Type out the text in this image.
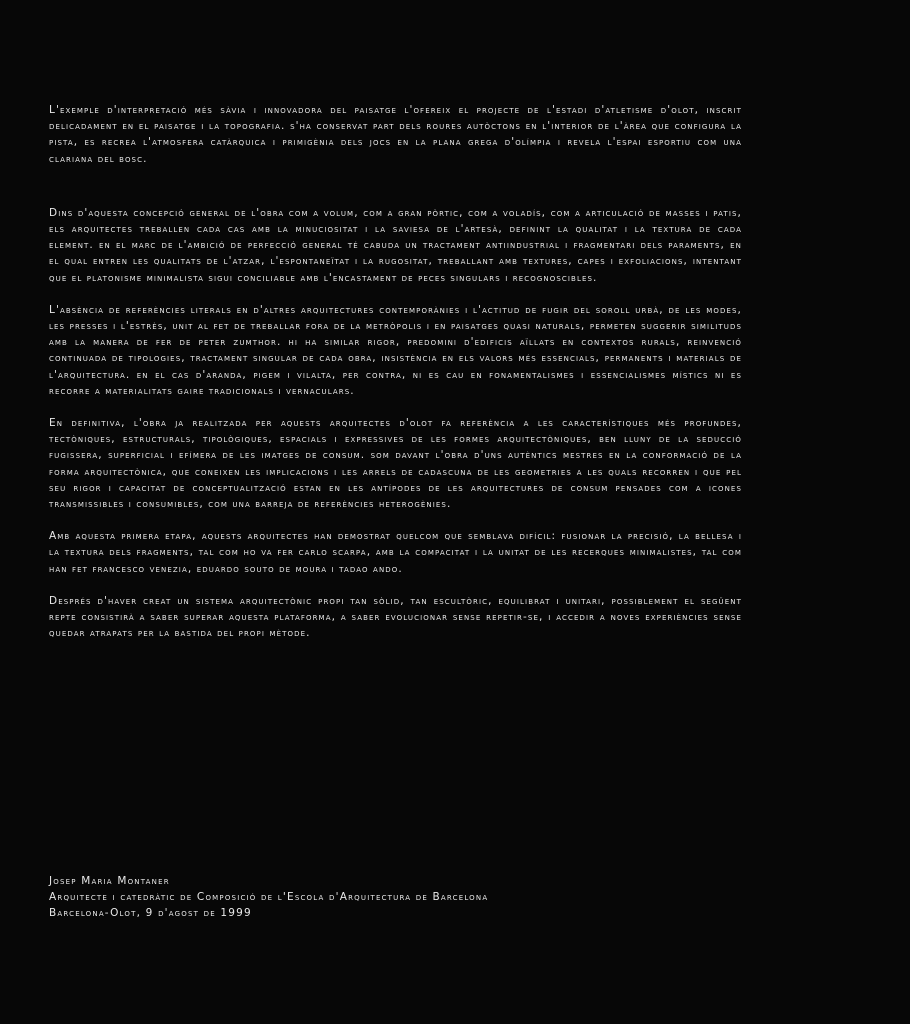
L'exemple d'interpretació més sàvia i innovadora del paisatge l'ofereix el projecte de l'estadi d'atletisme d'olot, inscrit delicadament en el paisatge i la topografia. s'ha conservat part dels roures autòctons en l'interior de l'àrea que configura la pista, es recrea l'atmosfera catàrquica i primigènia dels jocs en la plana grega d'olímpia i revela l'espai esportiu com una clariana del bosc.

Dins d'aquesta concepció general de l'obra com a volum, com a gran pòrtic, com a voladís, com a articulació de masses i patis, els arquitectes treballen cada cas amb la minuciositat i la saviesa de l'artesà, definint la qualitat i la textura de cada element. en el marc de l'ambició de perfecció general té cabuda un tractament antiindustrial i fragmentari dels paraments, en el qual entren les qualitats de l'atzar, l'espontaneïtat i la rugositat, treballant amb textures, capes i exfoliacions, intentant que el platonisme minimalista sigui conciliable amb l'encastament de peces singulars i recognoscibles.

L'absència de referències literals en d'altres arquitectures contemporànies i l'actitud de fugir del soroll urbà, de les modes, les presses i l'estrès, unit al fet de treballar fora de la metròpolis i en paisatges quasi naturals, permeten suggerir similituds amb la manera de fer de peter zumthor. hi ha similar rigor, predomini d'edificis aïllats en contextos rurals, reinvenció continuada de tipologies, tractament singular de cada obra, insistència en els valors més essencials, permanents i materials de l'arquitectura. en el cas d'aranda, pigem i vilalta, per contra, ni es cau en fonamentalismes i essencialismes místics ni es recorre a materialitats gaire tradicionals i vernaculars.

En definitiva, l'obra ja realitzada per aquests arquitectes d'olot fa referència a les característiques més profundes, tectòniques, estructurals, tipològiques, espacials i expressives de les formes arquitectòniques, ben lluny de la seducció fugissera, superficial i efímera de les imatges de consum. som davant l'obra d'uns autèntics mestres en la conformació de la forma arquitectònica, que coneixen les implicacions i les arrels de cadascuna de les geometries a les quals recorren i que pel seu rigor i capacitat de conceptualització estan en les antípodes de les arquitectures de consum pensades com a icones transmissibles i consumibles, com una barreja de referències heterogènies.

Amb aquesta primera etapa, aquests arquitectes han demostrat quelcom que semblava difícil: fusionar la precisió, la bellesa i la textura dels fragments, tal com ho va fer carlo scarpa, amb la compacitat i la unitat de les recerques minimalistes, tal com han fet francesco venezia, eduardo souto de moura i tadao ando.

Després d'haver creat un sistema arquitectònic propi tan sòlid, tan escultòric, equilibrat i unitari, possiblement el següent repte consistirà a saber superar aquesta plataforma, a saber evolucionar sense repetir-se, i accedir a noves experiències sense quedar atrapats per la bastida del propi mètode.

Josep Maria Montaner
Arquitecte i catedràtic de Composició de l'Escola d'Arquitectura de Barcelona
Barcelona-Olot, 9 d'agost de 1999
